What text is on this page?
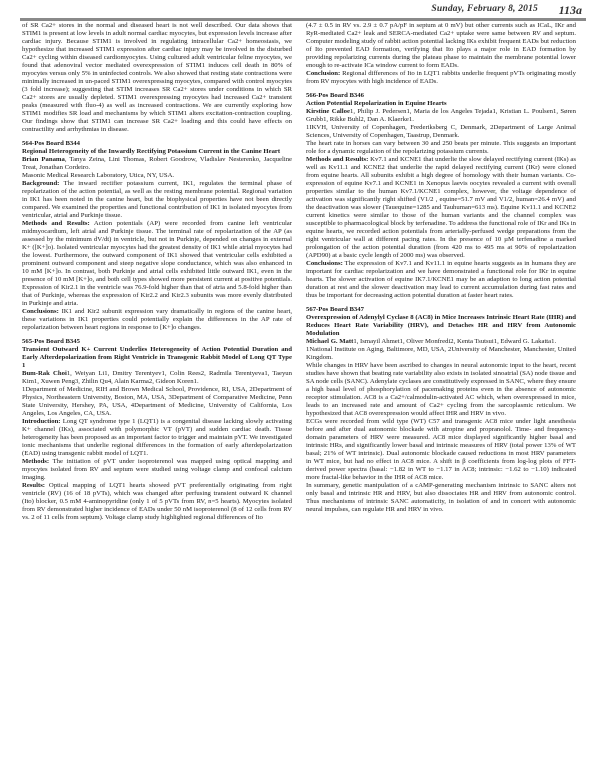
Sunday, February 8, 2015 113a

of SR Ca2+ stores in the normal and diseased heart is not well described. Our data shows that STIM1 is present at low levels in adult normal cardiac myocytes, but expression levels increase after cardiac injury. Because STIM1 is involved in regulating intracellular Ca2+ homeostasis, we hypothesize that increased STIM1 expression after cardiac injury may be involved in the disturbed Ca2+ cycling within diseased cardiomyocytes. Using cultured adult ventricular feline myocytes, we found that adenoviral vector mediated overexpression of STIM1 induces cell death in 80% of myocytes versus only 5% in uninfected controls. We also showed that resting state contractions were minimally increased in un-paced STIM1 overexpressing myocytes, compared with control myocytes (3 fold increase); suggesting that STIM increases SR Ca2+ stores under conditions in which SR Ca2+ stores are usually depleted. STIM1 overexpressing myocytes had increased Ca2+ transient peaks (measured with fluo-4) as well as increased contractions. We are currently exploring how STIM1 modifies SR load and mechanisms by which STIM1 alters excitation-contraction coupling. Our findings show that STIM1 can increase SR Ca2+ loading and this could have effects on contractility and arrhythmias in disease.

564-Pos Board B344

Regional Heterogeneity of the Inwardly Rectifying Potassium Current in the Canine Heart

Brian Panama, Tanya Zeina, Lini Thomas, Robert Goodrow, Vladislav Nesterenko, Jacqueline Treat, Jonathan Cordeiro.

Masonic Medical Research Laboratory, Utica, NY, USA.

Background: The inward rectifier potassium current, IK1, regulates the terminal phase of repolarization of the action potential, as well as the resting membrane potential. Regional variation in IK1 has been noted in the canine heart, but the biophysical properties have not been directly compared. We examined the properties and functional contribution of IK1 in isolated myocytes from ventricular, atrial and Purkinje tissue.

Methods and Results: Action potentials (AP) were recorded from canine left ventricular midmyocardium, left atrial and Purkinje tissue. The terminal rate of repolarization of the AP (as assessed by the minimum dV/dt) in ventricle, but not in Purkinje, depended on changes in external K+ ([K+]o). Isolated ventricular myocytes had the greatest density of IK1 while atrial myocytes had the lowest. Furthermore, the outward component of IK1 showed that ventricular cells exhibited a prominent outward component and steep negative slope conductance, which was also enhanced in 10 mM [K+]o. In contrast, both Purkinje and atrial cells exhibited little outward IK1, even in the presence of 10 mM [K+]o, and both cell types showed more persistent current at positive potentials. Expression of Kir2.1 in the ventricle was 76.9-fold higher than that of atria and 5.8-fold higher than that of Purkinje, whereas the expression of Kir2.2 and Kir2.3 subunits was more evenly distributed in Purkinje and atria.

Conclusions: IK1 and Kir2 subunit expression vary dramatically in regions of the canine heart, these variations in IK1 properties could potentially explain the differences in the AP rate of repolarization between heart regions in response to [K+]o changes.

565-Pos Board B345

Transient Outward K+ Current Underlies Heterogeneity of Action Potential Duration and Early Afterdepolarization from Right Ventricle in Transgenic Rabbit Model of Long QT Type 1

Bum-Rak Choi1, Weiyan Li1, Dmitry Terentyev1, Colin Rees2, Radmila Terentyeva1, Taeyun Kim1, Xuwen Peng3, Zhilin Qu4, Alain Karma2, Gideon Koren1.

1Department of Medicine, RIH and Brown Medical School, Providence, RI, USA, 2Department of Physics, Northeastern University, Boston, MA, USA, 3Department of Comparative Medicine, Penn State University, Hershey, PA, USA, 4Department of Medicine, University of California, Los Angeles, Los Angeles, CA, USA.

Introduction: Long QT syndrome type 1 (LQT1) is a congenital disease lacking slowly activating K+ channel (IKs), associated with polymorphic VT (pVT) and sudden cardiac death. Tissue heterogeneity has been proposed as an important factor to trigger and maintain pVT. We investigated ionic mechanisms that underlie regional differences in the formation of early afterdepolarization (EAD) using transgenic rabbit model of LQT1.

Methods: The initiation of pVT under isoproterenol was mapped using optical mapping and myocytes isolated from RV and septum were studied using voltage clamp and confocal calcium imaging.

Results: Optical mapping of LQT1 hearts showed pVT preferentially originating from right ventricle (RV) (16 of 18 pVTs), which was changed after perfusing transient outward K channel (Ito) blocker, 0.5 mM 4-aminopyridine (only 1 of 5 pVTs from RV, n=5 hearts). Myocytes isolated from RV demonstrated higher incidence of EADs under 50 nM isoproterenol (8 of 12 cells from RV vs. 2 of 11 cells from septum). Voltage clamp study highlighted regional differences of Ito

(4.7 ± 0.5 in RV vs. 2.9 ± 0.7 pA/pF in septum at 0 mV) but other currents such as ICaL, IKr and RyR-mediated Ca2+ leak and SERCA-mediated Ca2+ uptake were same between RV and septum. Computer modeling study of rabbit action potential lacking IKs exhibit frequent EADs but reduction of Ito prevented EAD formation, verifying that Ito plays a major role in EAD formation by providing repolarizing currents during the plateau phase to maintain the membrane potential lower enough to re-activate ICa window current to form EADs.

Conclusion: Regional differences of Ito in LQT1 rabbits underlie frequent pVTs originating mostly from RV myocytes with high incidence of EADs.

566-Pos Board B346

Action Potential Repolarization in Equine Hearts

Kirstine Calloe1, Philip J. Pedersen1, Maria de los Angeles Tejada1, Kristian L. Poulsen1, Søren Grubb1, Rikke Buhl2, Dan A. Klaerke1.

1IKVH, University of Copenhagen, Frederiksberg C, Denmark, 2Department of Large Animal Sciences, University of Copenhagen, Taastrup, Denmark.

The heart rate in horses can vary between 30 and 250 beats per minute. This suggests an important role for a dynamic regulation of the repolarizing potassium currents.

Methods and Results: Kv7.1 and KCNE1 that underlie the slow delayed rectifying current (IKs) as well as Kv11.1 and KCNE2 that underlie the rapid delayed rectifying current (IKr) were cloned from equine hearts. All subunits exhibit a high degree of homology with their human variants. Co-expression of equine Kv7.1 and KCNE1 in Xenopus laevis oocytes revealed a current with overall properties similar to the human Kv7.1/KCNE1 complex, however, the voltage dependence of activation was significantly right shifted (V1/2 , equine=51.7 mV and V1/2, human=26.4 mV) and the deactivation was slower (Tauequine=1285 and Tauhuman=613 ms). Equine Kv11.1 and KCNE2 current kinetics were similar to those of the human variants and the channel complex was susceptible to pharmacological block by terfenadine. To address the functional role of IKr and IKs in equine hearts, we recorded action potentials from arterially-perfused wedge preparations from the right ventricular wall at different pacing rates. In the presence of 10 µM terfenadine a marked prolongation of the action potential duration (from 420 ms to 495 ms at 90% of repolarization (APD90) at a basic cycle length of 2000 ms) was observed.

Conclusions: The expression of Kv7.1 and Kv11.1 in equine hearts suggests as in humans they are important for cardiac repolarization and we have demonstrated a functional role for IKr in equine hearts. The slower activation of equine IK7.1/KCNE1 may be an adaption to long action potential duration at rest and the slower deactivation may lead to current accumulation during fast rates and thus be important for decreasing action potential duration at faster heart rates.

567-Pos Board B347

Overexpression of Adenylyl Cyclase 8 (AC8) in Mice Increases Intrinsic Heart Rate (IHR) and Reduces Heart Rate Variability (HRV), and Detaches HR and HRV from Autonomic Modulation

Michael G. Matt1, Ismayil Ahmet1, Oliver Monfredi2, Kenta Tsutsui1, Edward G. Lakatta1.

1National Institute on Aging, Baltimore, MD, USA, 2University of Manchester, Manchester, United Kingdom.

While changes in HRV have been ascribed to changes in neural autonomic input to the heart, recent studies have shown that beating rate variability also exists in isolated sinoatrial (SA) node tissue and SA node cells (SANC). Adenylate cyclases are constitutively expressed in SANC, where they ensure a high basal level of phosphorylation of pacemaking proteins even in the absence of autonomic receptor stimulation. AC8 is a Ca2+/calmodulin-activated AC which, when overexpressed in mice, leads to an increased rate and amount of Ca2+ cycling from the sarcoplasmic reticulum. We hypothesized that AC8 overexpression would affect IHR and HRV in vivo.

ECGs were recorded from wild type (WT) C57 and transgenic AC8 mice under light anesthesia before and after dual autonomic blockade with atropine and propranolol. Time- and frequency-domain parameters of HRV were measured. AC8 mice displayed significantly higher basal and intrinsic HRs, and significantly lower basal and intrinsic measures of HRV (total power 13% of WT basal; 21% of WT intrinsic). Dual autonomic blockade caused reductions in most HRV parameters in WT mice, but had no effect in AC8 mice. A shift in β coefficients from log-log plots of FFT-derived power spectra (basal: −1.82 in WT to −1.17 in AC8; intrinsic: −1.62 to −1.10) indicated more fractal-like behavior in the IHR of AC8 mice.

In summary, genetic manipulation of a cAMP-generating mechanism intrinsic to SANC alters not only basal and intrinsic HR and HRV, but also dissociates HR and HRV from autonomic control. Thus mechanisms of intrinsic SANC automaticity, in isolation of and in concert with autonomic neural impulses, can regulate HR and HRV in vivo.
